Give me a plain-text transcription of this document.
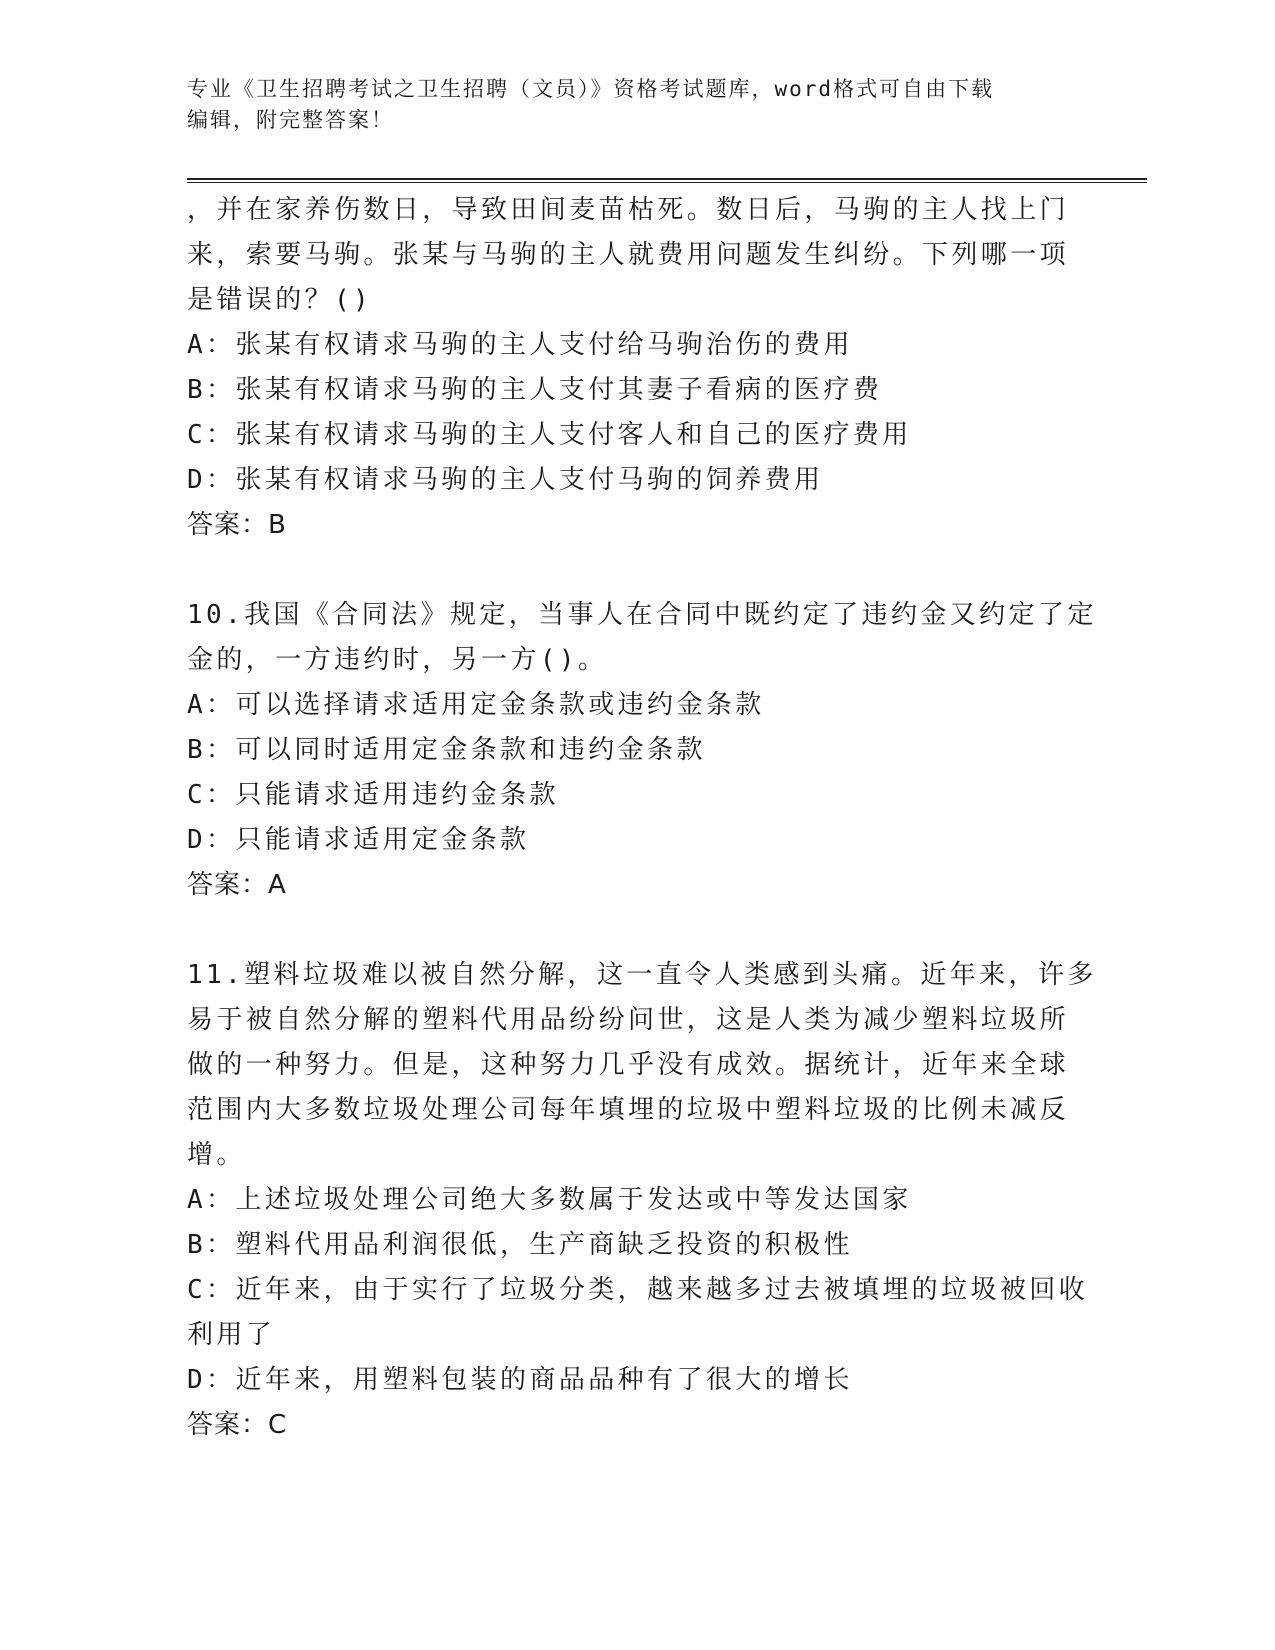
专业《卫生招聘考试之卫生招聘（文员）》资格考试题库，word格式可自由下载
编辑，附完整答案！
，并在家养伤数日，导致田间麦苗枯死。数日后，马驹的主人找上门
来，索要马驹。张某与马驹的主人就费用问题发生纠纷。下列哪一项
是错误的？()
A：张某有权请求马驹的主人支付给马驹治伤的费用
B：张某有权请求马驹的主人支付其妻子看病的医疗费
C：张某有权请求马驹的主人支付客人和自己的医疗费用
D：张某有权请求马驹的主人支付马驹的饲养费用
答案：B
10.我国《合同法》规定，当事人在合同中既约定了违约金又约定了定
金的，一方违约时，另一方()。
A：可以选择请求适用定金条款或违约金条款
B：可以同时适用定金条款和违约金条款
C：只能请求适用违约金条款
D：只能请求适用定金条款
答案：A
11.塑料垃圾难以被自然分解，这一直令人类感到头痛。近年来，许多
易于被自然分解的塑料代用品纷纷问世，这是人类为减少塑料垃圾所
做的一种努力。但是，这种努力几乎没有成效。据统计，近年来全球
范围内大多数垃圾处理公司每年填埋的垃圾中塑料垃圾的比例未减反
增。
A：上述垃圾处理公司绝大多数属于发达或中等发达国家
B：塑料代用品利润很低，生产商缺乏投资的积极性
C：近年来，由于实行了垃圾分类，越来越多过去被填埋的垃圾被回收
利用了
D：近年来，用塑料包装的商品品种有了很大的增长
答案：C
